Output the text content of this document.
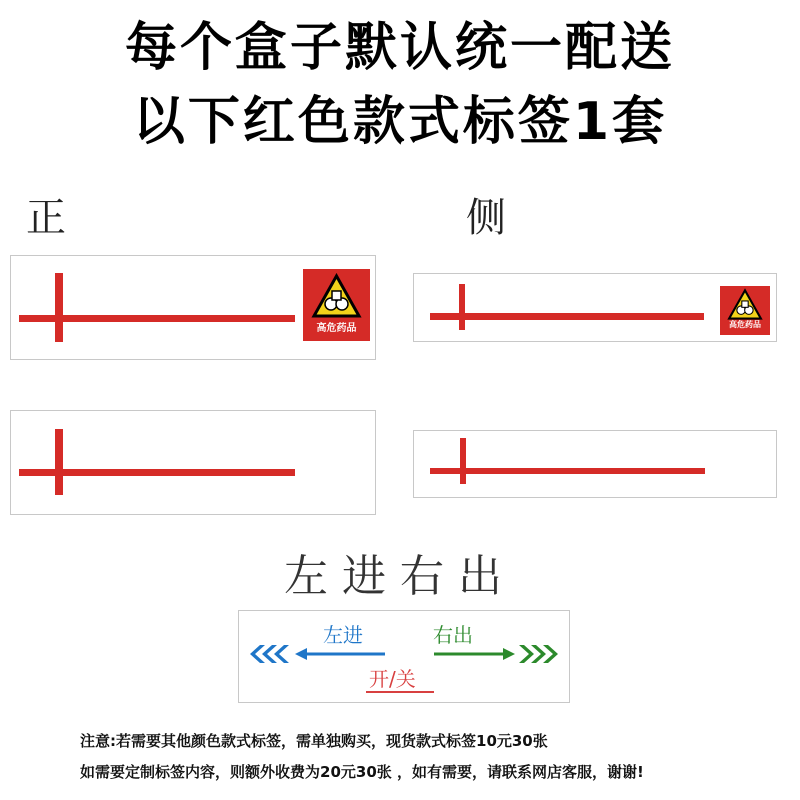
每个盒子默认统一配送
以下红色款式标签1套
正	侧
高危药品	高危药品
左进右出
左进	右出
开/关
注意:若需要其他颜色款式标签，需单独购买，现货款式标签10元30张
如需要定制标签内容，则额外收费为20元30张 ，如有需要，请联系网店客服，谢谢!
